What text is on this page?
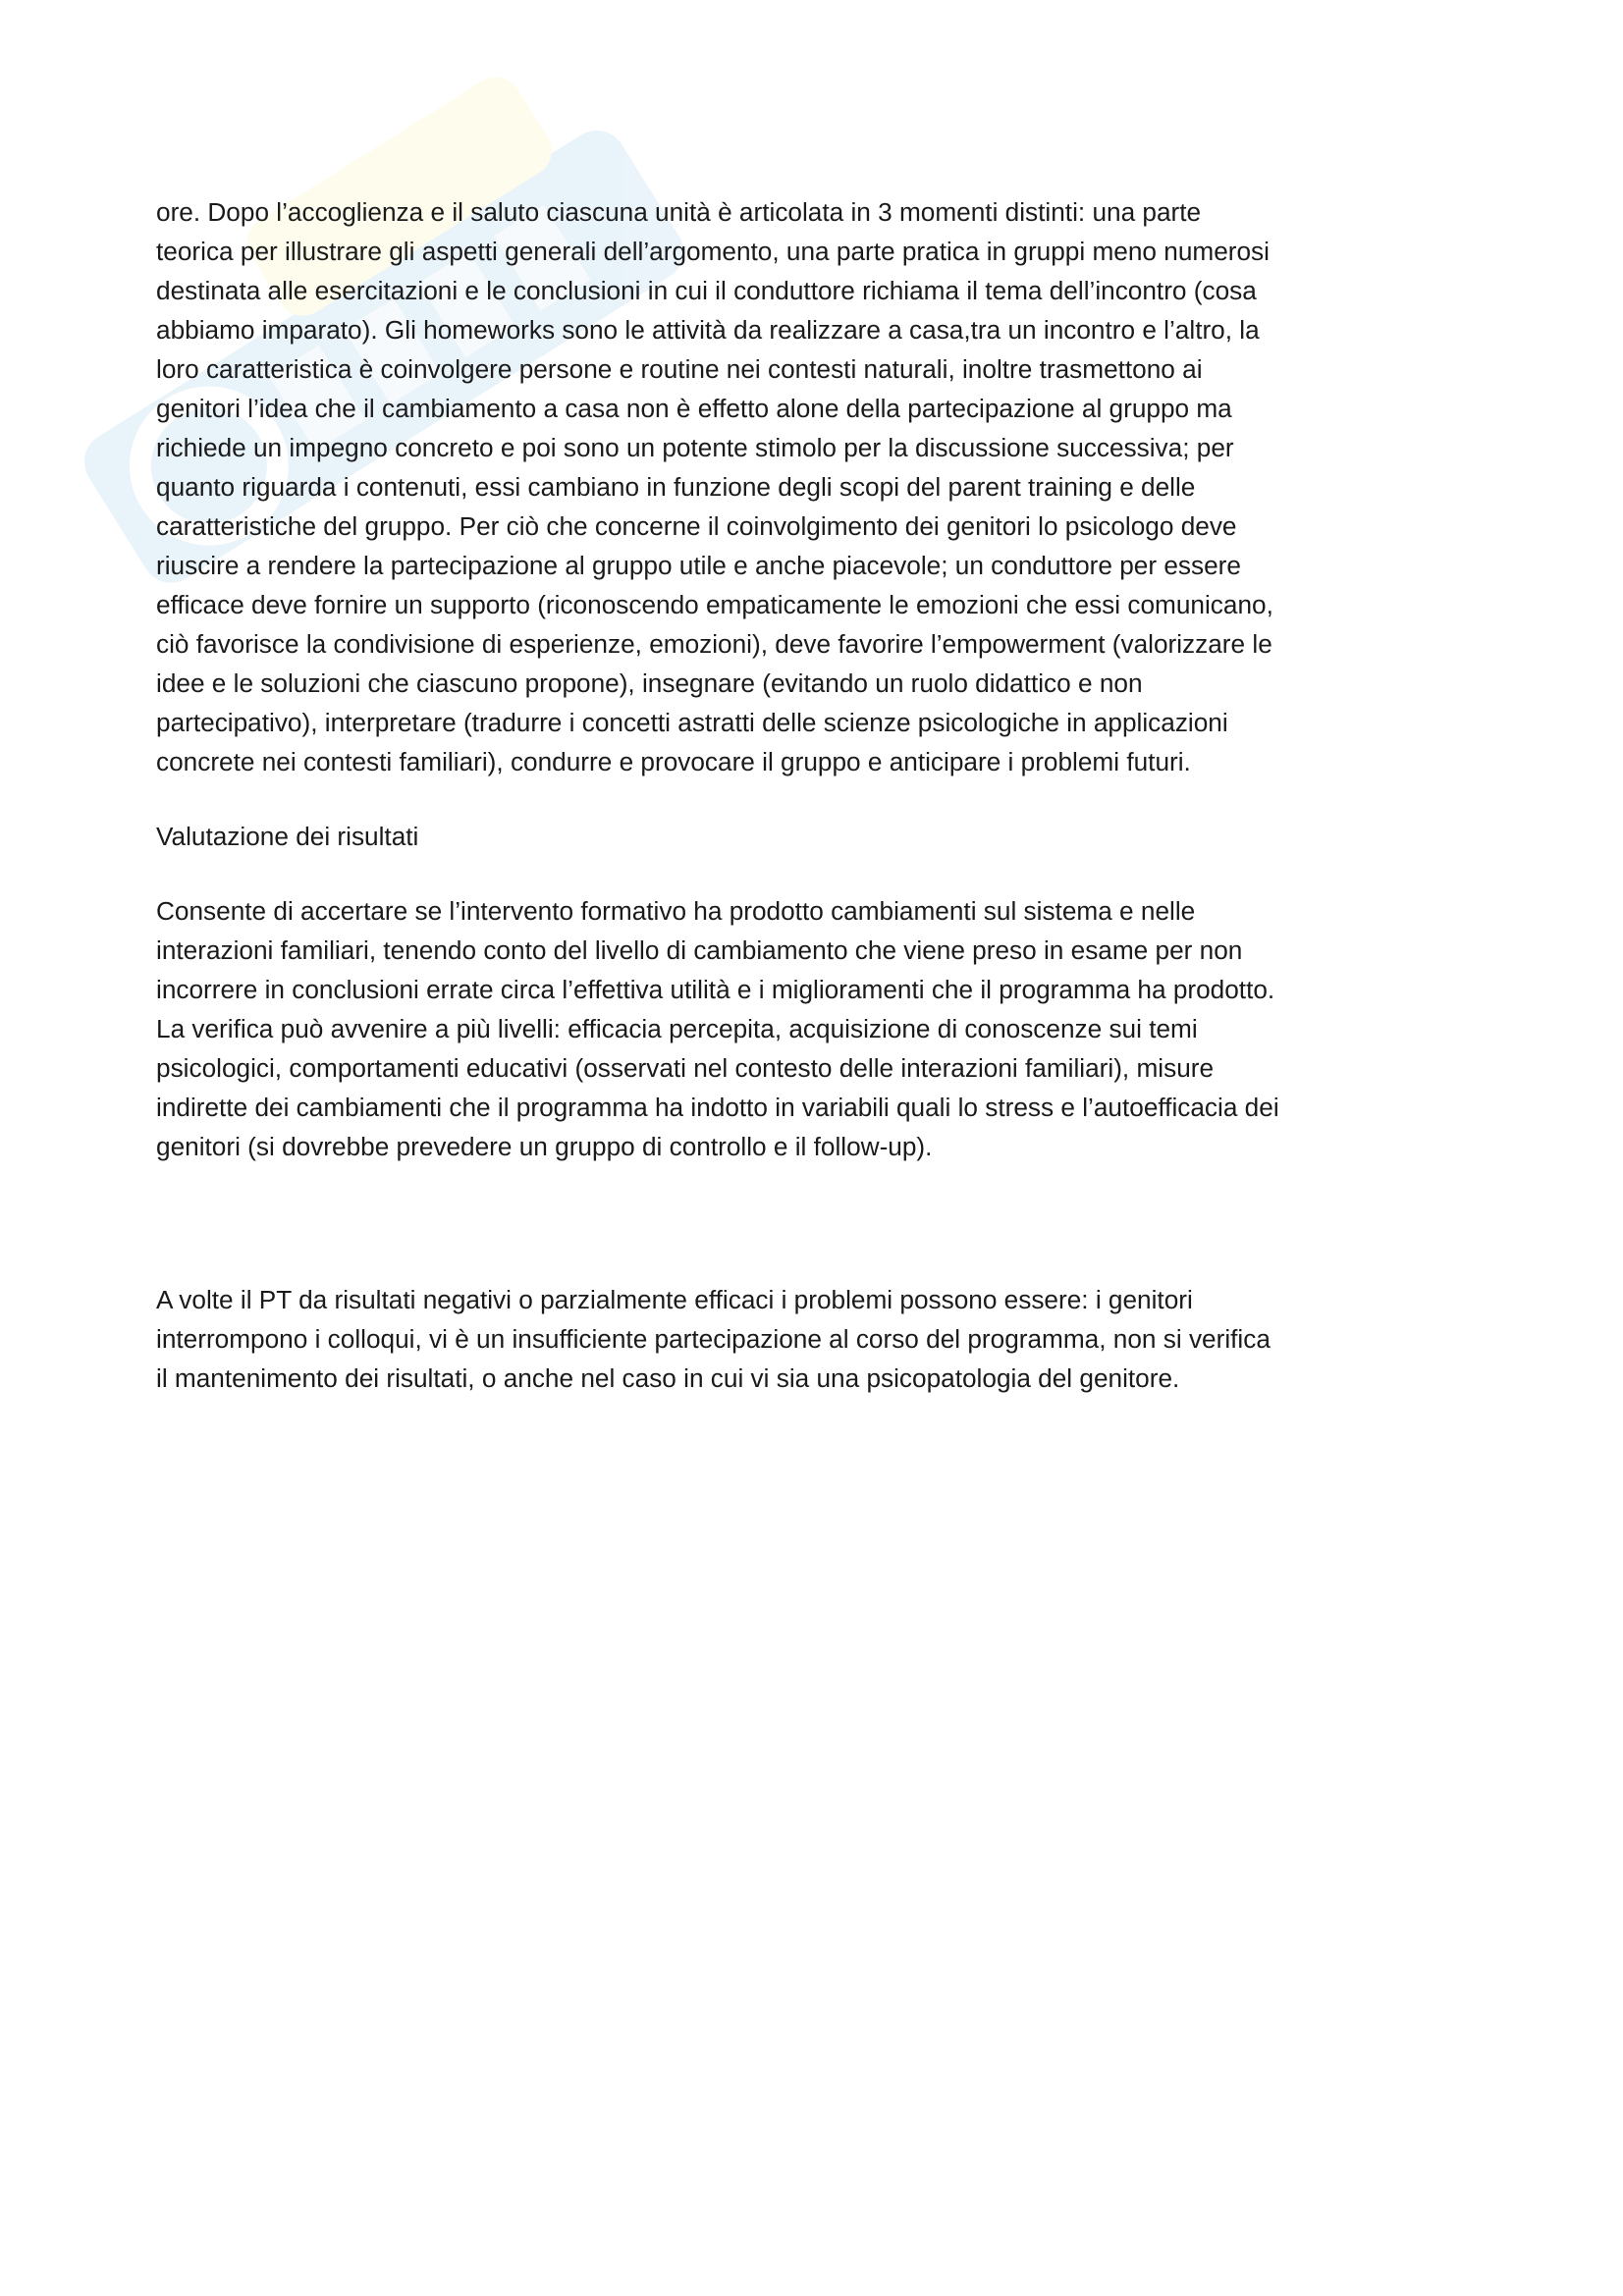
ore. Dopo l’accoglienza e il saluto ciascuna unità è articolata in 3 momenti distinti: una parte
teorica per illustrare gli aspetti generali dell’argomento, una parte pratica in gruppi meno numerosi
destinata alle esercitazioni e le conclusioni in cui il conduttore richiama il tema dell’incontro (cosa
abbiamo imparato). Gli homeworks sono le attività da realizzare a casa,tra un incontro e l’altro, la
loro caratteristica è coinvolgere persone e routine nei contesti naturali, inoltre trasmettono ai
genitori l’idea che il cambiamento a casa non è effetto alone della partecipazione al gruppo ma
richiede un impegno concreto e poi sono un potente stimolo per la discussione successiva; per
quanto riguarda i contenuti, essi cambiano in funzione degli scopi del parent training e delle
caratteristiche del gruppo. Per ciò che concerne il coinvolgimento dei genitori lo psicologo deve
riuscire a rendere la partecipazione al gruppo utile e anche piacevole; un conduttore per essere
efficace deve fornire un supporto (riconoscendo empaticamente le emozioni che essi comunicano,
ciò favorisce la condivisione di esperienze, emozioni), deve favorire l’empowerment (valorizzare le
idee e le soluzioni che ciascuno propone), insegnare (evitando un ruolo didattico e non
partecipativo), interpretare (tradurre i concetti astratti delle scienze psicologiche in applicazioni
concrete nei contesti familiari), condurre e provocare il gruppo e anticipare i problemi futuri.

Valutazione dei risultati

Consente di accertare se l’intervento formativo ha prodotto cambiamenti sul sistema e nelle
interazioni familiari, tenendo conto del livello di cambiamento che viene preso in esame per non
incorrere in conclusioni errate circa l’effettiva utilità e i miglioramenti che il programma ha prodotto.
La verifica può avvenire a più livelli: efficacia percepita, acquisizione di conoscenze sui temi
psicologici, comportamenti educativi (osservati nel contesto delle interazioni familiari), misure
indirette dei cambiamenti che il programma ha indotto in variabili quali lo stress e l’autoefficacia dei
genitori (si dovrebbe prevedere un gruppo di controllo e il follow-up).

A volte il PT da risultati negativi o parzialmente efficaci i problemi possono essere: i genitori
interrompono i colloqui, vi è un insufficiente partecipazione al corso del programma, non si verifica
il mantenimento dei risultati, o anche nel caso in cui vi sia una psicopatologia del genitore.
